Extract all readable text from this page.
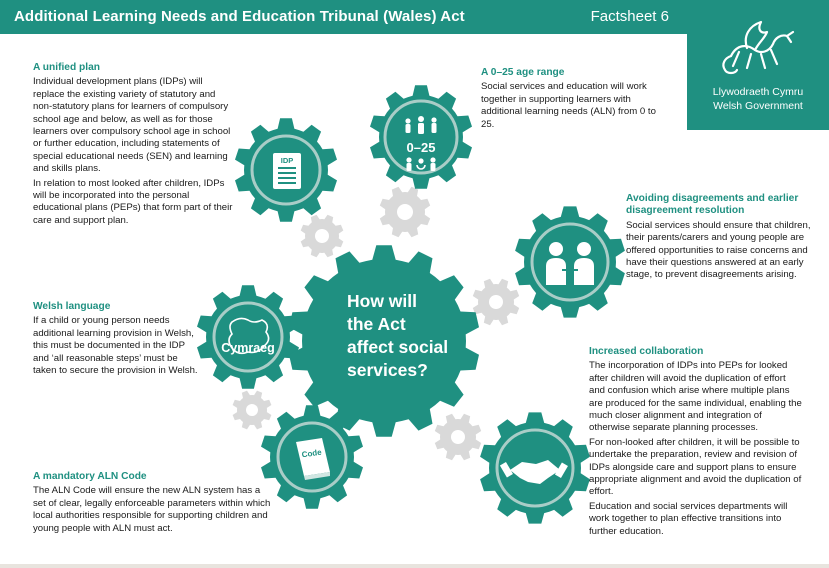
Additional Learning Needs and Education Tribunal (Wales) Act	Factsheet 6
Llywodraeth Cymru
Welsh Government
How will
the Act
affect social
services?
IDP
0–25
Cymraeg
Code
A unified plan

Individual development plans (IDPs) will replace the existing variety of statutory and non-statutory plans for learners of compulsory school age and below, as well as for those learners over compulsory school age in school or further education, including statements of special educational needs (SEN) and learning and skills plans.

In relation to most looked after children, IDPs will be incorporated into the personal educational plans (PEPs) that form part of their care and support plan.

A 0–25 age range

Social services and education will work together in supporting learners with additional learning needs (ALN) from 0 to 25.

Avoiding disagreements and earlier disagreement resolution

Social services should ensure that children, their parents/carers and young people are offered opportunities to raise concerns and have their questions answered at an early stage, to prevent disagreements arising.

Welsh language

If a child or young person needs additional learning provision in Welsh, this must be documented in the IDP and ‘all reasonable steps’ must be taken to secure the provision in Welsh.

Increased collaboration

The incorporation of IDPs into PEPs for looked after children will avoid the duplication of effort and confusion which arise where multiple plans are produced for the same individual, enabling the much closer alignment and integration of otherwise separate planning processes.

For non-looked after children, it will be possible to undertake the preparation, review and revision of IDPs alongside care and support plans to ensure appropriate alignment and avoid the duplication of effort.

Education and social services departments will work together to plan effective transitions into further education.

A mandatory ALN Code

The ALN Code will ensure the new ALN system has a set of clear, legally enforceable parameters within which local authorities responsible for supporting children and young people with ALN must act.
